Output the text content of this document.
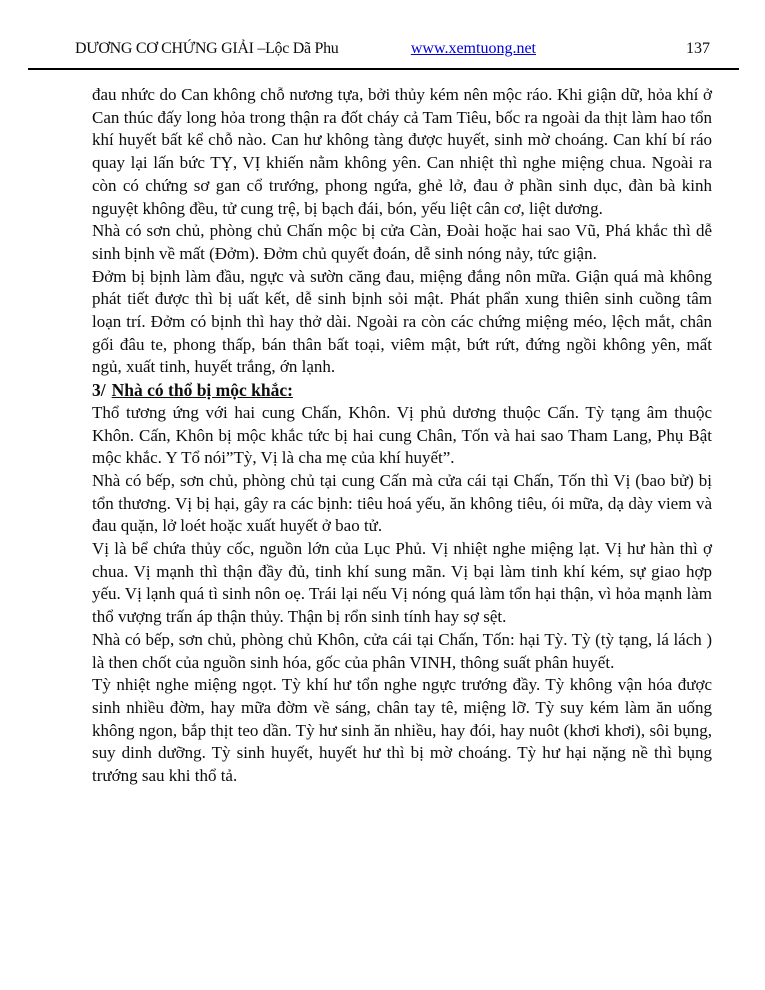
DƯƠNG CƠ CHỨNG GIẢI –Lộc Dã Phu	www.xemtuong.net	137

đau nhức do Can không chỗ nương tựa, bởi thủy kém nên mộc ráo. Khi giận dữ, hỏa khí ở Can thúc đấy long hỏa trong thận ra đốt cháy cả Tam Tiêu, bốc ra ngoài da thịt làm hao tổn khí huyết bất kể chỗ nào. Can hư không tàng được huyết, sinh mờ choáng. Can khí bí ráo quay lại lấn bức TỴ, VỊ khiến nằm không yên. Can nhiệt thì nghe miệng chua. Ngoài ra còn có chứng sơ gan cổ trướng, phong ngứa, ghẻ lở, đau ở phần sinh dục, đàn bà kinh nguyệt không đều, tử cung trệ, bị bạch đái, bón, yếu liệt cân cơ, liệt dương.

Nhà có sơn chủ, phòng chủ Chấn mộc bị cửa Càn, Đoài hoặc hai sao Vũ, Phá khắc thì dễ sinh bịnh về mất (Đởm). Đởm chủ quyết đoán, dễ sinh nóng nảy, tức giận.

Đởm bị bịnh làm đầu, ngực và sườn căng đau, miệng đắng nôn mữa. Giận quá mà không phát tiết được thì bị uất kết, dễ sinh bịnh sỏi mật. Phát phẩn xung thiên sinh cuồng tâm loạn trí. Đởm có bịnh thì hay thở dài. Ngoài ra còn các chứng miệng méo, lệch mắt, chân gối đâu te, phong thấp, bán thân bất toại, viêm mật, bứt rứt, đứng ngồi không yên, mất ngủ, xuất tinh, huyết trắng, ớn lạnh.

3/ Nhà có thổ bị mộc khắc:

Thổ tương ứng với hai cung Chấn, Khôn. Vị phủ dương thuộc Cấn. Tỳ tạng âm thuộc Khôn. Cấn, Khôn bị mộc khắc tức bị hai cung Chân, Tốn và hai sao Tham Lang, Phụ Bật mộc khắc. Y Tổ nói”Tỳ, Vị là cha mẹ của khí huyết”.

Nhà có bếp, sơn chủ, phòng chủ tại cung Cấn mà cửa cái tại Chấn, Tốn thì Vị (bao bử) bị tổn thương. Vị bị hại, gây ra các bịnh: tiêu hoá yếu, ăn không tiêu, ói mữa, dạ dày viem và đau quặn, lở loét hoặc xuất huyết ở bao tử.

Vị là bể chứa thủy cốc, nguồn lớn của Lục Phủ. Vị nhiệt nghe miệng lạt. Vị hư hàn thì ợ chua. Vị mạnh thì thận đầy đủ, tinh khí sung mãn. Vị bại làm tinh khí kém, sự giao hợp yếu. Vị lạnh quá tì sinh nôn oẹ. Trái lại nếu Vị nóng quá làm tổn hại thận, vì hỏa mạnh làm thổ vượng trấn áp thận thủy. Thận bị rổn sinh tính hay sợ sệt.

Nhà có bếp, sơn chủ, phòng chủ Khôn, cửa cái tại Chấn, Tốn: hại Tỳ. Tỳ (tỳ tạng, lá lách ) là then chốt của nguồn sinh hóa, gốc của phân VINH, thông suất phân huyết.

Tỳ nhiệt nghe miệng ngọt. Tỳ khí hư tổn nghe ngực trướng đầy. Tỳ không vận hóa được sinh nhiều đờm, hay mữa đờm về sáng, chân tay tê, miệng lỡ. Tỳ suy kém làm ăn uống không ngon, bắp thịt teo dần. Tỳ hư sinh ăn nhiều, hay đói, hay nuôt (khơi khơi), sôi bụng, suy dinh dưỡng. Tỳ sinh huyết, huyết hư thì bị mờ choáng. Tỳ hư hại nặng nề thì bụng trướng sau khi thổ tả.
